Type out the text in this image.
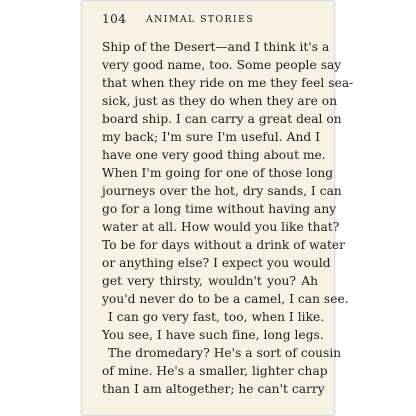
104 ANIMAL STORIES
Ship of the Desert—and I think it's a
very good name, too. Some people say
that when they ride on me they feel sea-
sick, just as they do when they are on
board ship. I can carry a great deal on
my back; I'm sure I'm useful. And I
have one very good thing about me.
When I'm going for one of those long
journeys over the hot, dry sands, I can
go for a long time without having any
water at all. How would you like that?
To be for days without a drink of water
or anything else? I expect you would
get very thirsty, wouldn't you? Ah
you'd never do to be a camel, I can see.
I can go very fast, too, when I like.
You see, I have such fine, long legs.
The dromedary? He's a sort of cousin
of mine. He's a smaller, lighter chap
than I am altogether; he can't carry
